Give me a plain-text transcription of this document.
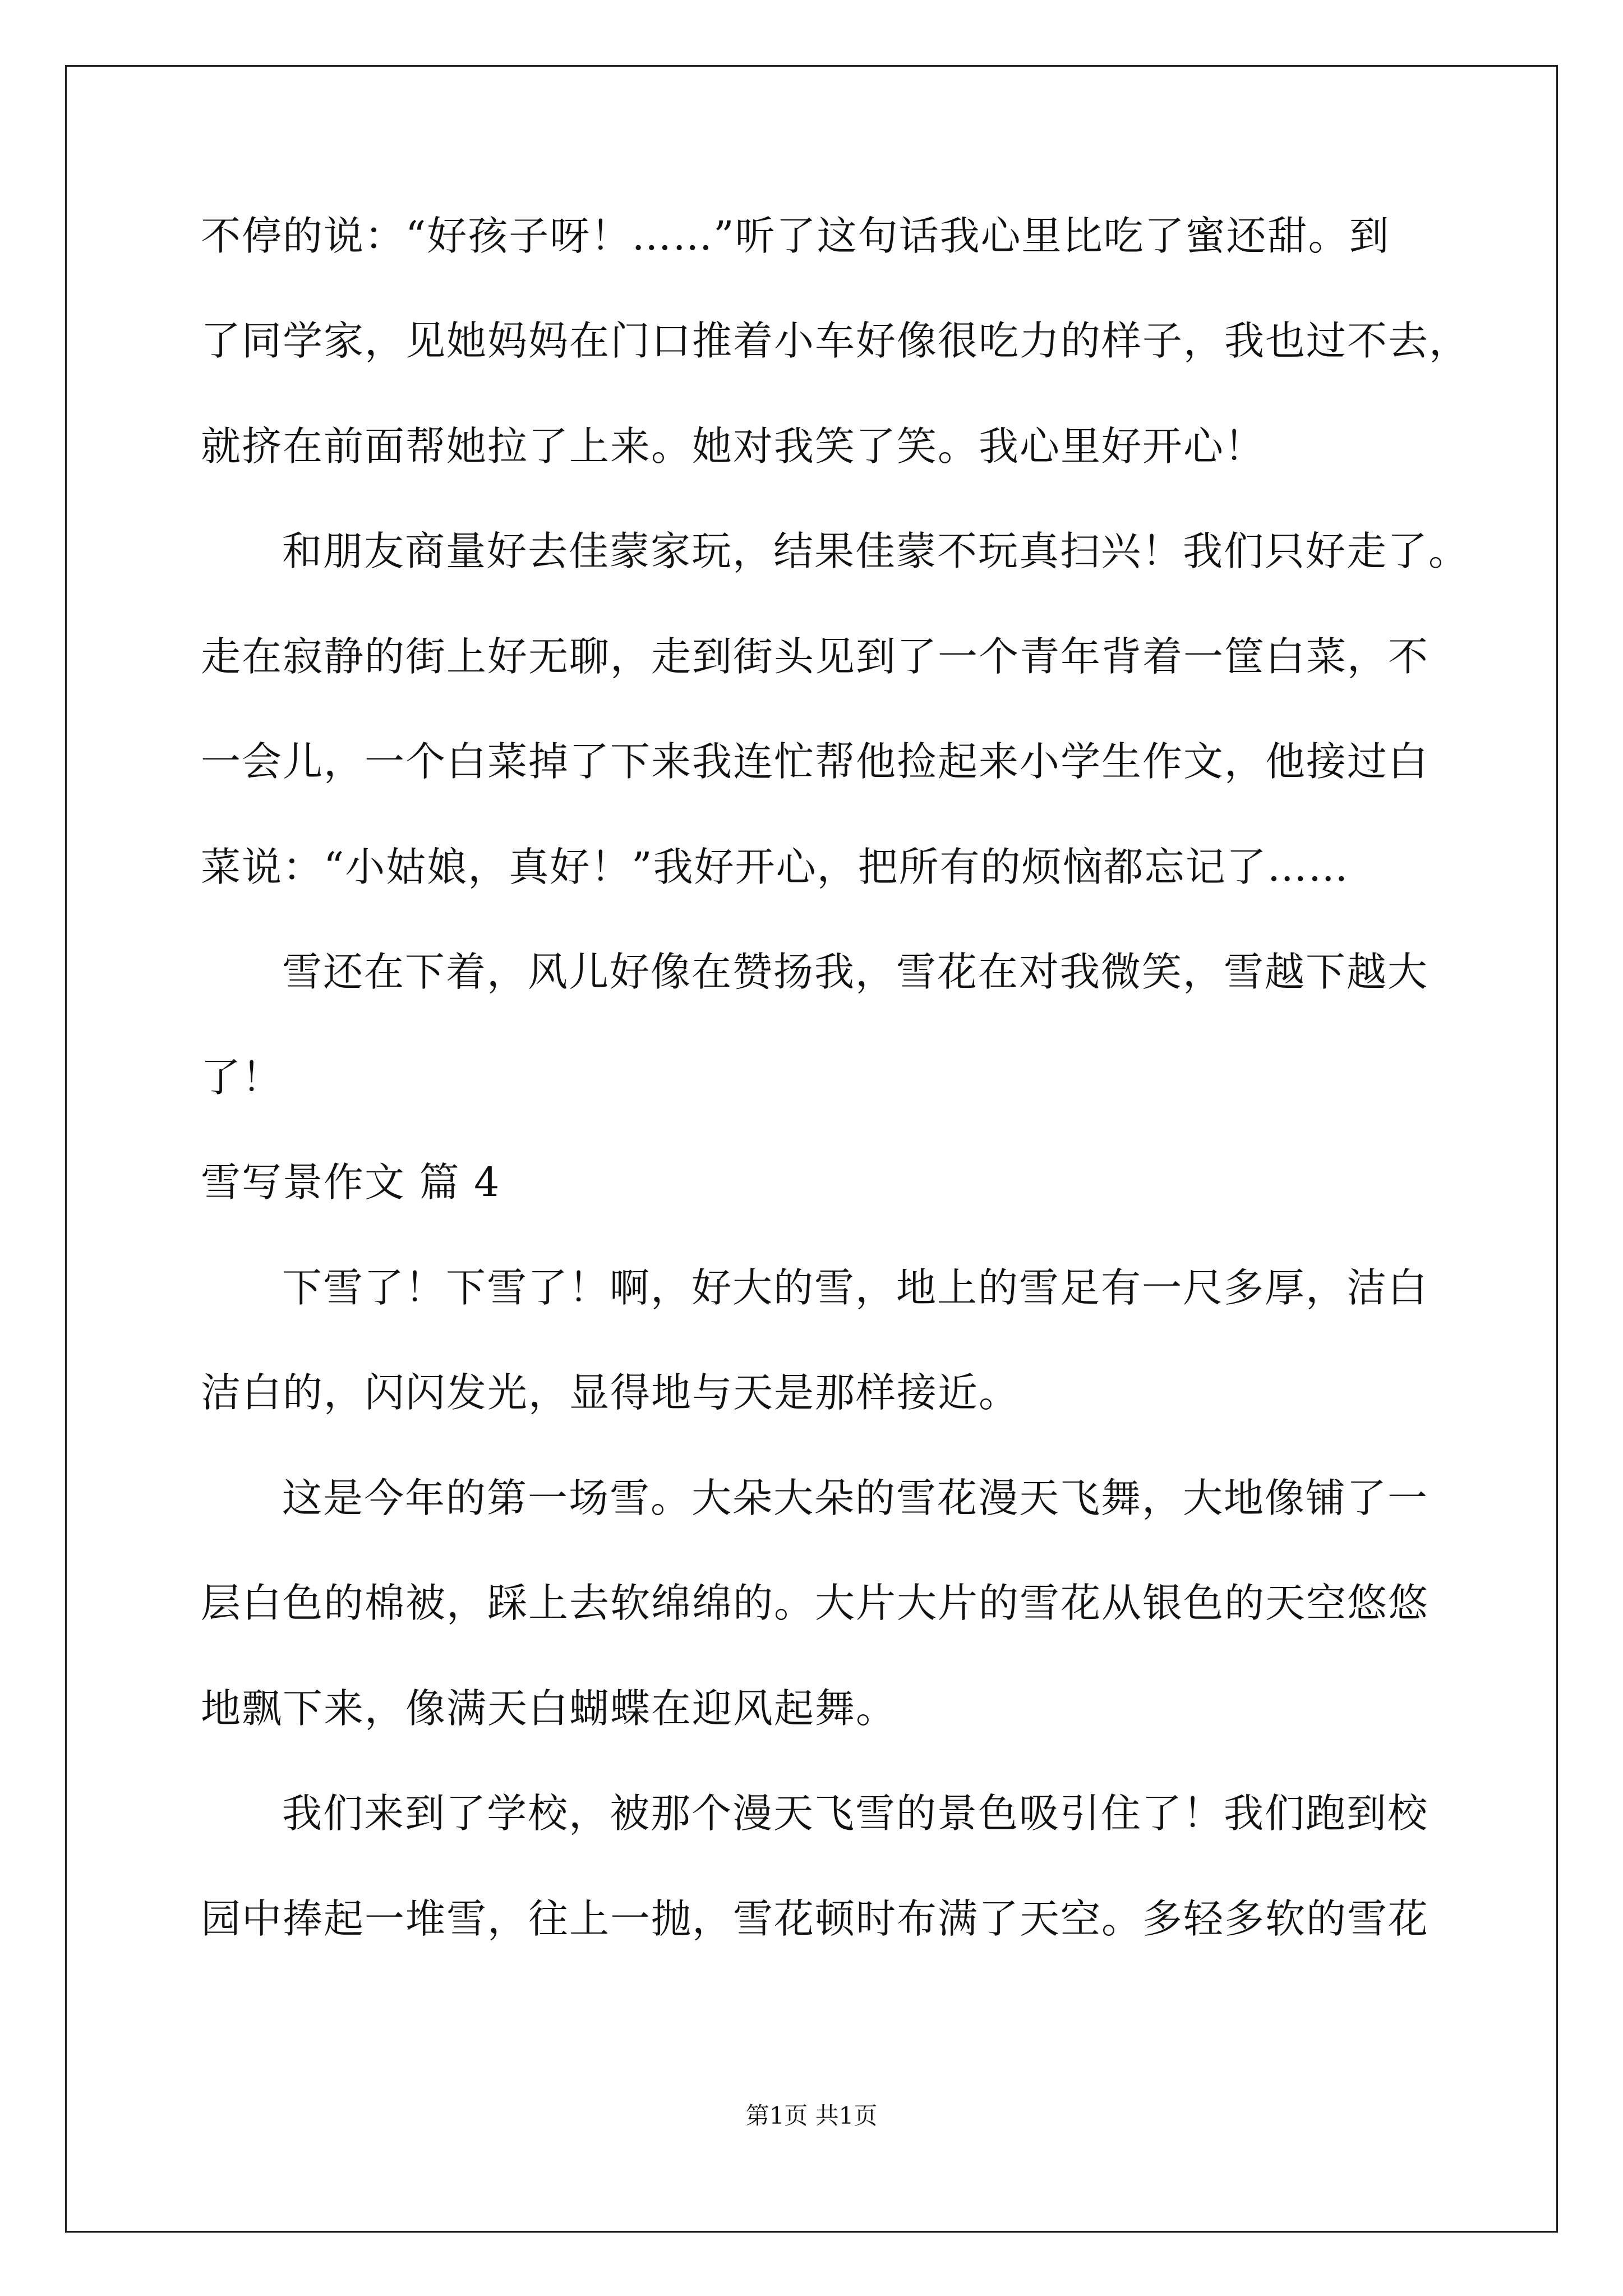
不停的说：“好孩子呀！……”听了这句话我心里比吃了蜜还甜。到
了同学家，见她妈妈在门口推着小车好像很吃力的样子，我也过不去，
就挤在前面帮她拉了上来。她对我笑了笑。我心里好开心！
和朋友商量好去佳蒙家玩，结果佳蒙不玩真扫兴！我们只好走了。
走在寂静的街上好无聊，走到街头见到了一个青年背着一筐白菜，不
一会儿，一个白菜掉了下来我连忙帮他捡起来小学生作文，他接过白
菜说：“小姑娘，真好！”我好开心，把所有的烦恼都忘记了……
雪还在下着，风儿好像在赞扬我，雪花在对我微笑，雪越下越大
了！
雪写景作文 篇 4
下雪了！下雪了！啊，好大的雪，地上的雪足有一尺多厚，洁白
洁白的，闪闪发光，显得地与天是那样接近。
这是今年的第一场雪。大朵大朵的雪花漫天飞舞，大地像铺了一
层白色的棉被，踩上去软绵绵的。大片大片的雪花从银色的天空悠悠
地飘下来，像满天白蝴蝶在迎风起舞。
我们来到了学校，被那个漫天飞雪的景色吸引住了！我们跑到校
园中捧起一堆雪，往上一抛，雪花顿时布满了天空。多轻多软的雪花
第1页 共1页
